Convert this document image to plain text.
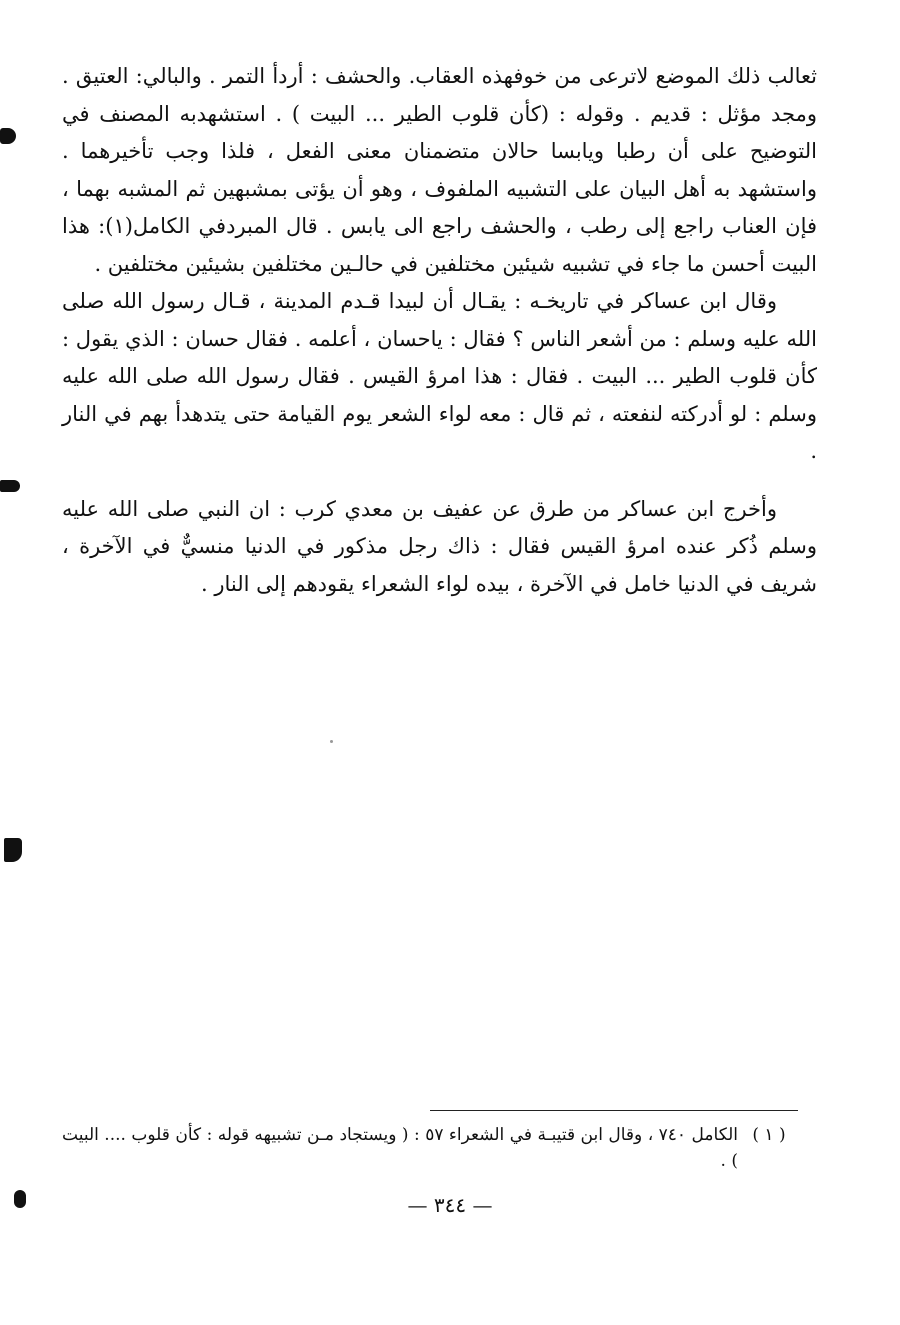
ثعالب ذلك الموضع لاترعى من خوفهذه العقاب. والحشف : أردأ التمر . والبالي: العتيق . ومجد مؤثل : قديم . وقوله : (كأن قلوب الطير ... البيت ) . استشهدبه المصنف في التوضيح على أن رطبا ويابسا حالان متضمنان معنى الفعل ، فلذا وجب تأخيرهما . واستشهد به أهل البيان على التشبيه الملفوف ، وهو أن يؤتى بمشبهين ثم المشبه بهما ، فإن العناب راجع إلى رطب ، والحشف راجع الى يابس . قال المبردفي الكامل(١): هذا البيت أحسن ما جاء في تشبيه شيئين مختلفين في حالـين مختلفين بشيئين مختلفين .

وقال ابن عساكر في تاريخـه : يقـال أن لبيدا قـدم المدينة ، قـال رسول الله صلى الله عليه وسلم : من أشعر الناس ؟ فقال : ياحسان ، أعلمه . فقال حسان : الذي يقول : كأن قلوب الطير ... البيت . فقال : هذا امرؤ القيس . فقال رسول الله صلى الله عليه وسلم : لو أدركته لنفعته ، ثم قال : معه لواء الشعر يوم القيامة حتى يتدهدأ بهم في النار .

وأخرج ابن عساكر من طرق عن عفيف بن معدي كرب : ان النبي صلى الله عليه وسلم ذُكر عنده امرؤ القيس فقال : ذاك رجل مذكور في الدنيا منسيٌّ في الآخرة ، شريف في الدنيا خامل في الآخرة ، بيده لواء الشعراء يقودهم إلى النار .

( ١ )
الكامل ٧٤٠ ، وقال ابن قتيبـة في الشعراء ٥٧ : ( ويستجاد مـن تشبيهه قوله : كأن قلوب .... البيت ) .
— ٣٤٤ —
